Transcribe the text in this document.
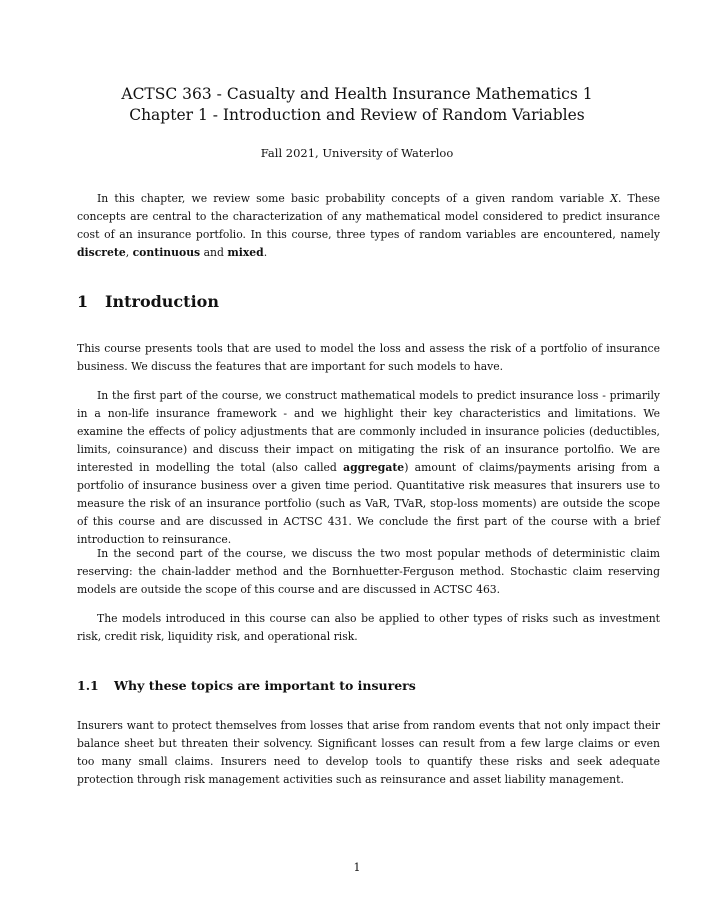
ACTSC 363 - Casualty and Health Insurance Mathematics 1
Chapter 1 - Introduction and Review of Random Variables
Fall 2021, University of Waterloo

In this chapter, we review some basic probability concepts of a given random variable X. These concepts are central to the characterization of any mathematical model considered to predict insurance cost of an insurance portfolio. In this course, three types of random variables are encountered, namely discrete, continuous and mixed.

1 Introduction

This course presents tools that are used to model the loss and assess the risk of a portfolio of insurance business. We discuss the features that are important for such models to have.

In the first part of the course, we construct mathematical models to predict insurance loss - primarily in a non-life insurance framework - and we highlight their key characteristics and limitations. We examine the effects of policy adjustments that are commonly included in insurance policies (deductibles, limits, coinsurance) and discuss their impact on mitigating the risk of an insurance portolfio. We are interested in modelling the total (also called aggregate) amount of claims/payments arising from a portfolio of insurance business over a given time period. Quantitative risk measures that insurers use to measure the risk of an insurance portfolio (such as VaR, TVaR, stop-loss moments) are outside the scope of this course and are discussed in ACTSC 431. We conclude the first part of the course with a brief introduction to reinsurance.

In the second part of the course, we discuss the two most popular methods of deterministic claim reserving: the chain-ladder method and the Bornhuetter-Ferguson method. Stochastic claim reserving models are outside the scope of this course and are discussed in ACTSC 463.

The models introduced in this course can also be applied to other types of risks such as investment risk, credit risk, liquidity risk, and operational risk.

1.1 Why these topics are important to insurers

Insurers want to protect themselves from losses that arise from random events that not only impact their balance sheet but threaten their solvency. Significant losses can result from a few large claims or even too many small claims. Insurers need to develop tools to quantify these risks and seek adequate protection through risk management activities such as reinsurance and asset liability management.

1
